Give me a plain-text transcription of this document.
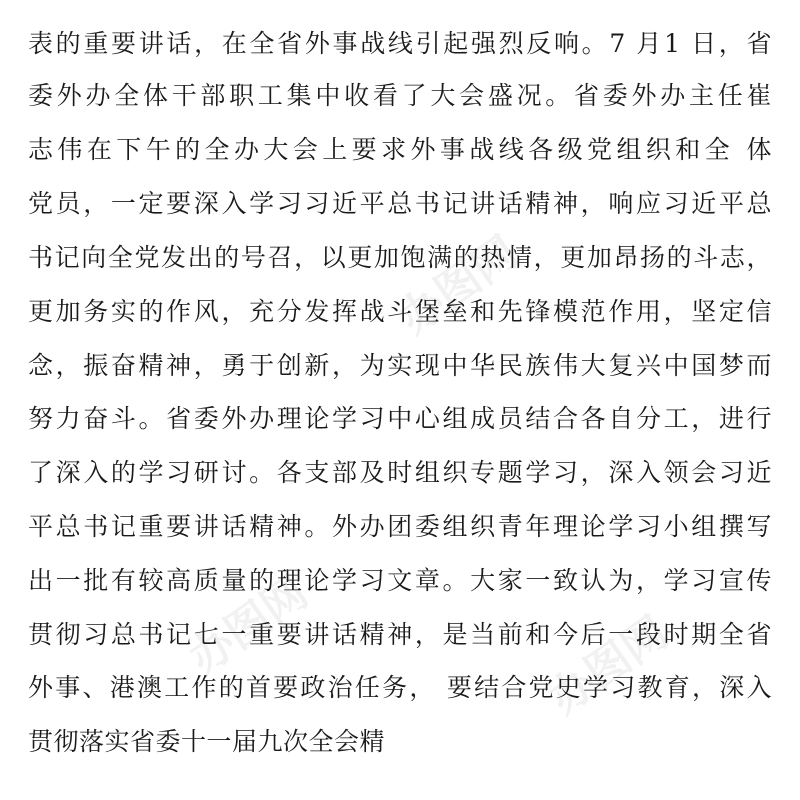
办图网
办图网	办图网
表的重要讲话，在全省外事战线引起强烈反响。7 月1 日，省
委外办全体干部职工集中收看了大会盛况。省委外办主任崔
志伟在下午的全办大会上要求外事战线各级党组织和全 体
党员，一定要深入学习习近平总书记讲话精神，响应习近平总
书记向全党发出的号召，以更加饱满的热情，更加昂扬的斗志，
更加务实的作风，充分发挥战斗堡垒和先锋模范作用，坚定信
念，振奋精神，勇于创新，为实现中华民族伟大复兴中国梦而
努力奋斗。省委外办理论学习中心组成员结合各自分工，进行
了深入的学习研讨。各支部及时组织专题学习，深入领会习近
平总书记重要讲话精神。外办团委组织青年理论学习小组撰写
出一批有较高质量的理论学习文章。大家一致认为，学习宣传
贯彻习总书记七一重要讲话精神，是当前和今后一段时期全省
外事、港澳工作的首要政治任务， 要结合党史学习教育，深入
贯彻落实省委十一届九次全会精
